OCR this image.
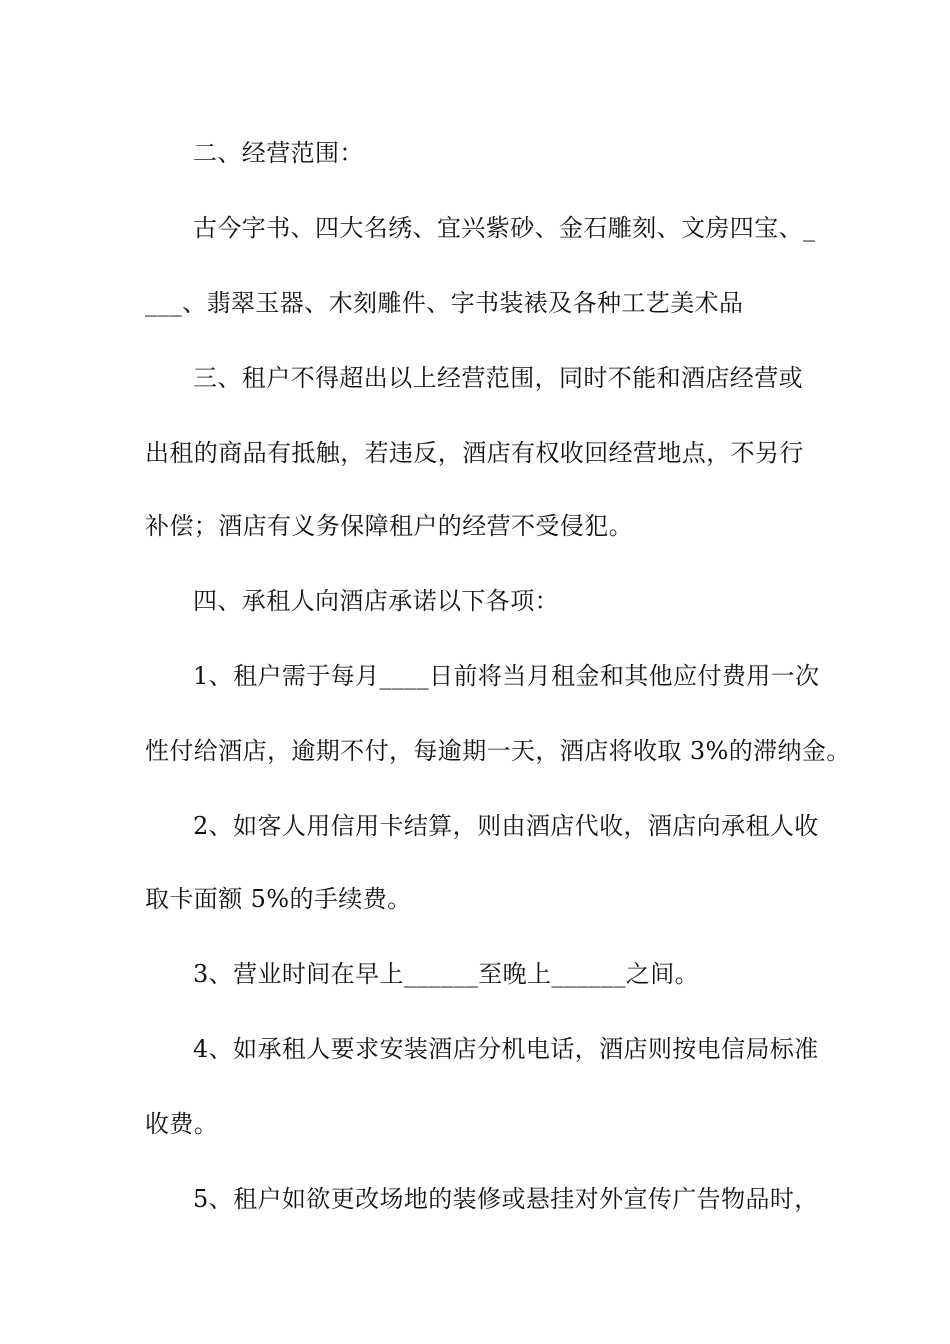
二、经营范围：
古今字书、四大名绣、宜兴紫砂、金石雕刻、文房四宝、_
___、翡翠玉器、木刻雕件、字书装裱及各种工艺美术品
三、租户不得超出以上经营范围，同时不能和酒店经营或
出租的商品有抵触，若违反，酒店有权收回经营地点，不另行
补偿；酒店有义务保障租户的经营不受侵犯。
四、承租人向酒店承诺以下各项：
1、租户需于每月____日前将当月租金和其他应付费用一次
性付给酒店，逾期不付，每逾期一天，酒店将收取 3%的滞纳金。
2、如客人用信用卡结算，则由酒店代收，酒店向承租人收
取卡面额 5%的手续费。
3、营业时间在早上______至晚上______之间。
4、如承租人要求安装酒店分机电话，酒店则按电信局标准
收费。
5、租户如欲更改场地的装修或悬挂对外宣传广告物品时，
